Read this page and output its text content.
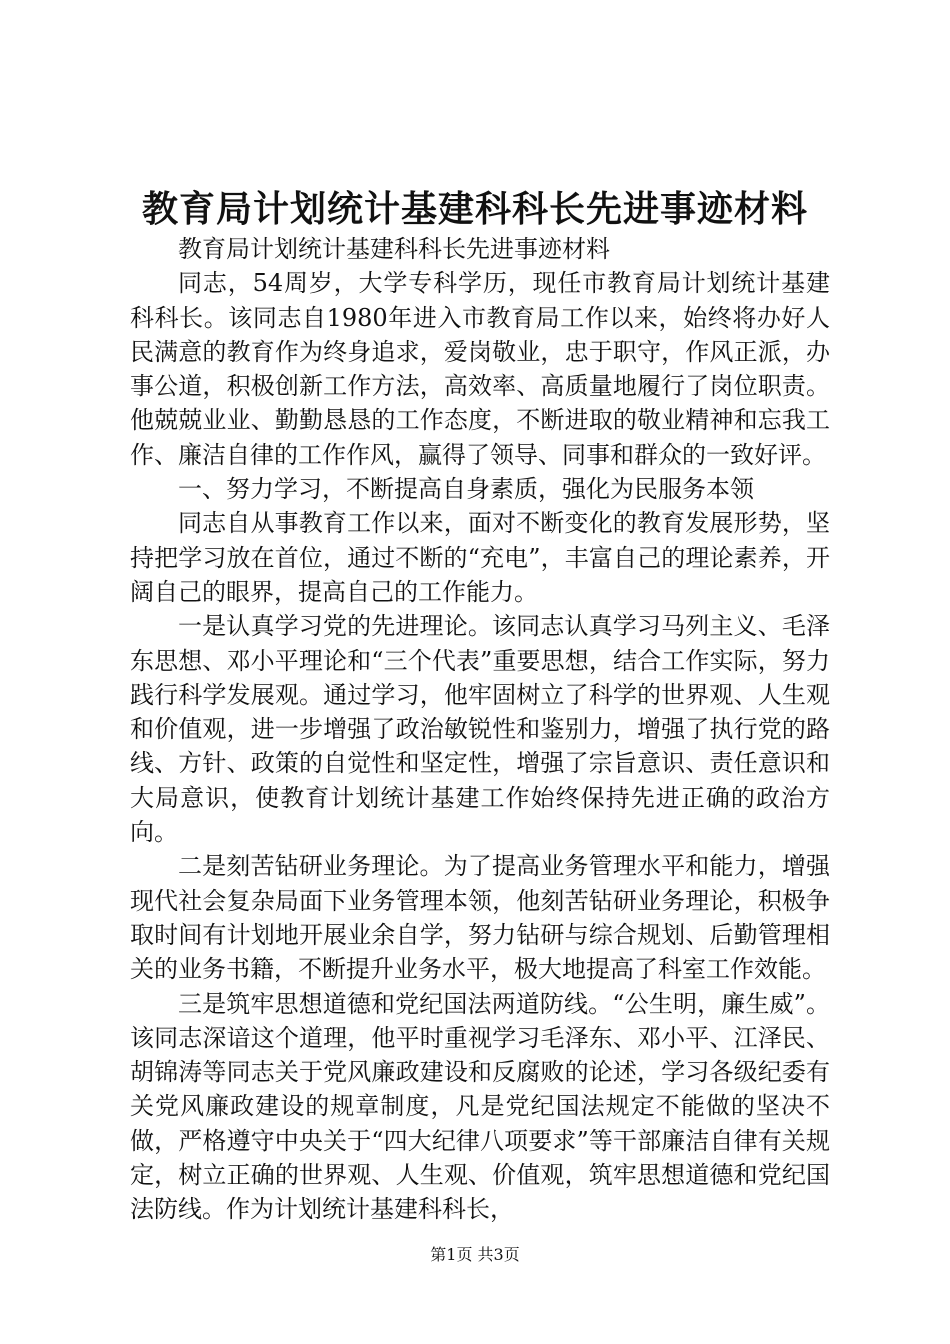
教育局计划统计基建科科长先进事迹材料

教育局计划统计基建科科长先进事迹材料

同志，54周岁，大学专科学历，现任市教育局计划统计基建科科长。该同志自1980年进入市教育局工作以来，始终将办好人民满意的教育作为终身追求，爱岗敬业，忠于职守，作风正派，办事公道，积极创新工作方法，高效率、高质量地履行了岗位职责。他兢兢业业、勤勤恳恳的工作态度，不断进取的敬业精神和忘我工作、廉洁自律的工作作风，赢得了领导、同事和群众的一致好评。

一、努力学习，不断提高自身素质，强化为民服务本领

同志自从事教育工作以来，面对不断变化的教育发展形势，坚持把学习放在首位，通过不断的“充电”，丰富自己的理论素养，开阔自己的眼界，提高自己的工作能力。

一是认真学习党的先进理论。该同志认真学习马列主义、毛泽东思想、邓小平理论和“三个代表”重要思想，结合工作实际，努力践行科学发展观。通过学习，他牢固树立了科学的世界观、人生观和价值观，进一步增强了政治敏锐性和鉴别力，增强了执行党的路线、方针、政策的自觉性和坚定性，增强了宗旨意识、责任意识和大局意识，使教育计划统计基建工作始终保持先进正确的政治方向。

二是刻苦钻研业务理论。为了提高业务管理水平和能力，增强现代社会复杂局面下业务管理本领，他刻苦钻研业务理论，积极争取时间有计划地开展业余自学，努力钻研与综合规划、后勤管理相关的业务书籍，不断提升业务水平，极大地提高了科室工作效能。

三是筑牢思想道德和党纪国法两道防线。“公生明，廉生威”。该同志深谙这个道理，他平时重视学习毛泽东、邓小平、江泽民、胡锦涛等同志关于党风廉政建设和反腐败的论述，学习各级纪委有关党风廉政建设的规章制度，凡是党纪国法规定不能做的坚决不做，严格遵守中央关于“四大纪律八项要求”等干部廉洁自律有关规定，树立正确的世界观、人生观、价值观，筑牢思想道德和党纪国法防线。作为计划统计基建科科长，

第1页 共3页
